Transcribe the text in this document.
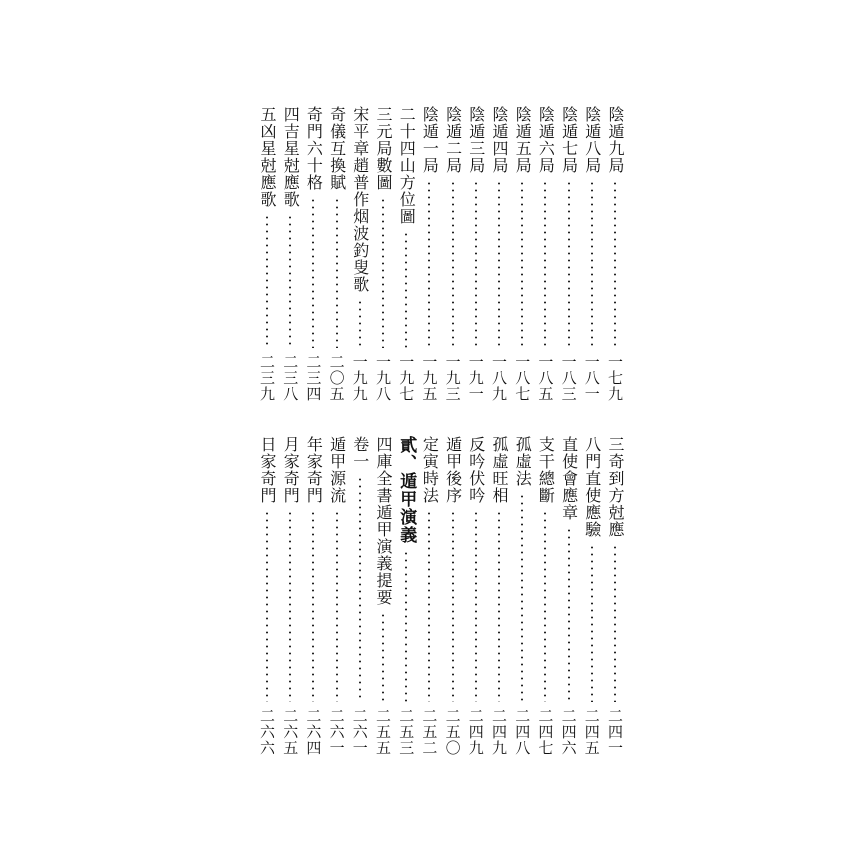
陰遁九局
一七九
陰遁八局
一八一
陰遁七局
一八三
陰遁六局
一八五
陰遁五局
一八七
陰遁四局
一八九
陰遁三局
一九一
陰遁二局
一九三
陰遁一局
一九五
二十四山方位圖
一九七
三元局數圖
一九八
宋平章趙普作烟波釣叟歌
一九九
奇儀互換賦
二〇五
奇門六十格
二三四
四吉星尅應歌
二三八
五凶星尅應歌
二三九
三奇到方尅應
二四一
八門直使應驗
二四五
直使會應章
二四六
支干總斷
二四七
孤虛法
二四八
孤虛旺相
二四九
反吟伏吟
二四九
遁甲後序
二五〇
定寅時法
二五二
貳、遁甲演義
二五三
四庫全書遁甲演義提要
二五五
卷一
二六一
遁甲源流
二六一
年家奇門
二六四
月家奇門
二六五
日家奇門
二六六
